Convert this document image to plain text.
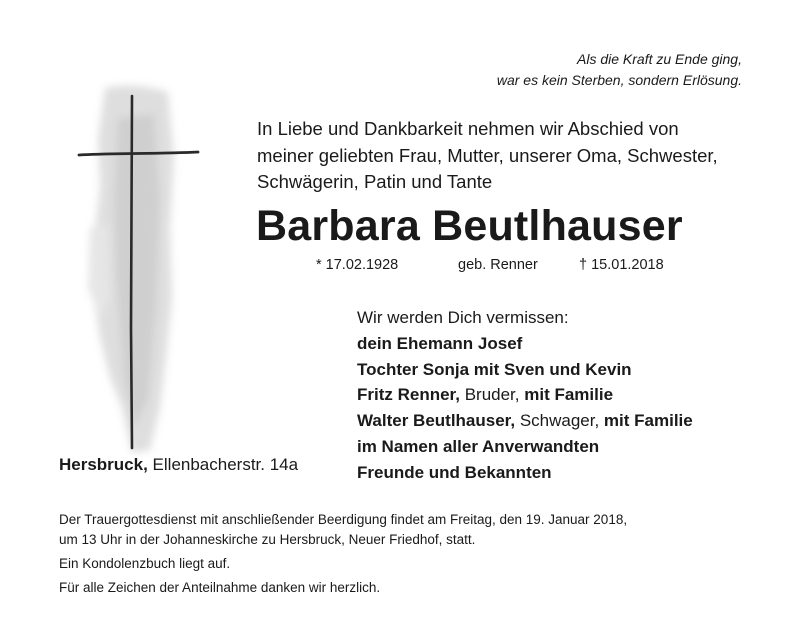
Als die Kraft zu Ende ging,
war es kein Sterben, sondern Erlösung.
In Liebe und Dankbarkeit nehmen wir Abschied von
meiner geliebten Frau, Mutter, unserer Oma, Schwester,
Schwägerin, Patin und Tante
Barbara Beutlhauser
* 17.02.1928	geb. Renner	† 15.01.2018
Wir werden Dich vermissen:
dein Ehemann Josef
Tochter Sonja mit Sven und Kevin
Fritz Renner, Bruder, mit Familie
Walter Beutlhauser, Schwager, mit Familie
im Namen aller Anverwandten
Freunde und Bekannten
Hersbruck, Ellenbacherstr. 14a
Der Trauergottesdienst mit anschließender Beerdigung findet am Freitag, den 19. Januar 2018,
um 13 Uhr in der Johanneskirche zu Hersbruck, Neuer Friedhof, statt.
Ein Kondolenzbuch liegt auf.
Für alle Zeichen der Anteilnahme danken wir herzlich.
